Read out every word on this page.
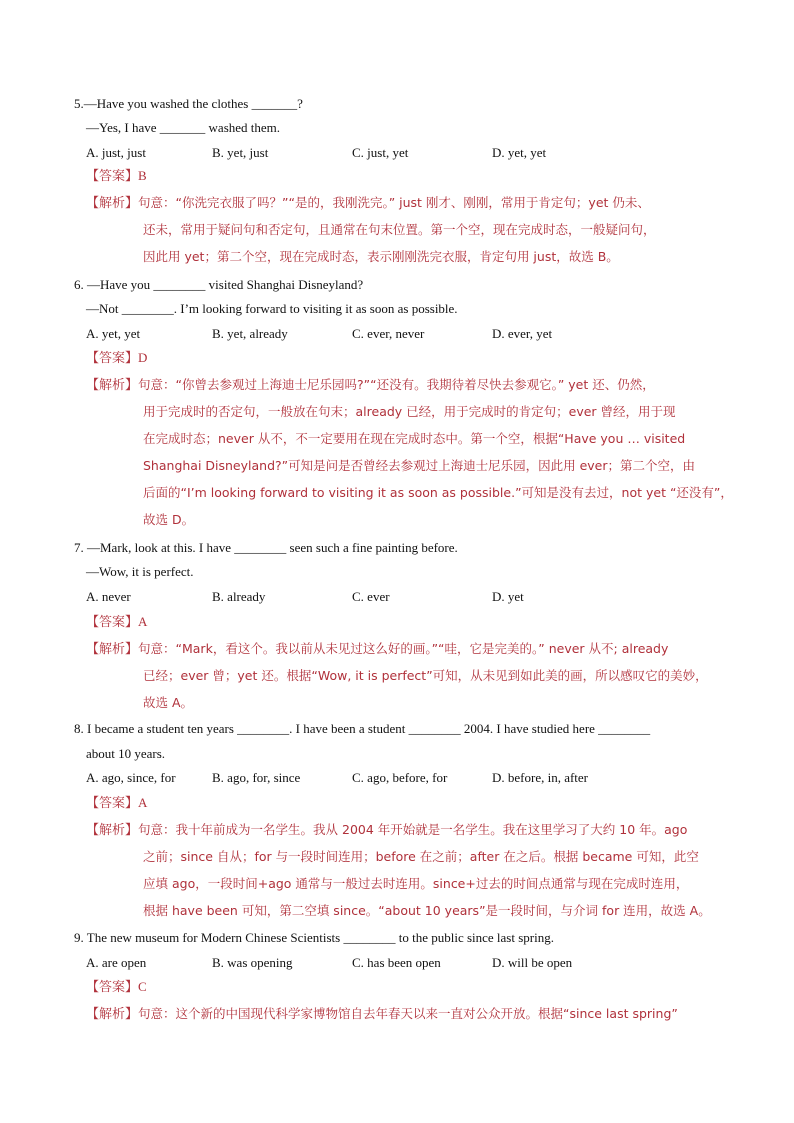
5.—Have you washed the clothes _______?
—Yes, I have _______ washed them.
A. just, just	B. yet, just	C. just, yet	D. yet, yet
【答案】B
【解析】句意：“你洗完衣服了吗？”“是的，我刚洗完。” just 刚才、刚刚，常用于肯定句；yet 仍未、
还未，常用于疑问句和否定句，且通常在句末位置。第一个空，现在完成时态，一般疑问句，
因此用 yet；第二个空，现在完成时态，表示刚刚洗完衣服，肯定句用 just，故选 B。
6. —Have you ________ visited Shanghai Disneyland?
—Not ________. I’m looking forward to visiting it as soon as possible.
A. yet, yet	B. yet, already	C. ever, never	D. ever, yet
【答案】D
【解析】句意：“你曾去参观过上海迪士尼乐园吗?”“还没有。我期待着尽快去参观它。” yet 还、仍然，
用于完成时的否定句，一般放在句末；already 已经，用于完成时的肯定句；ever 曾经，用于现
在完成时态；never 从不，不一定要用在现在完成时态中。第一个空，根据“Have you … visited
Shanghai Disneyland?”可知是问是否曾经去参观过上海迪士尼乐园，因此用 ever；第二个空，由
后面的“I’m looking forward to visiting it as soon as possible.”可知是没有去过，not yet “还没有”，
故选 D。
7. —Mark, look at this. I have ________ seen such a fine painting before.
—Wow, it is perfect.
A. never	B. already	C. ever	D. yet
【答案】A
【解析】句意：“Mark，看这个。我以前从未见过这么好的画。”“哇，它是完美的。” never 从不; already
已经；ever 曾；yet 还。根据“Wow, it is perfect”可知，从未见到如此美的画，所以感叹它的美妙，
故选 A。
8. I became a student ten years ________. I have been a student ________ 2004. I have studied here ________
about 10 years.
A. ago, since, for	B. ago, for, since	C. ago, before, for	D. before, in, after
【答案】A
【解析】句意：我十年前成为一名学生。我从 2004 年开始就是一名学生。我在这里学习了大约 10 年。ago
之前；since 自从；for 与一段时间连用；before 在之前；after 在之后。根据 became 可知，此空
应填 ago，一段时间+ago 通常与一般过去时连用。since+过去的时间点通常与现在完成时连用，
根据 have been 可知，第二空填 since。“about 10 years”是一段时间，与介词 for 连用，故选 A。
9. The new museum for Modern Chinese Scientists ________ to the public since last spring.
A. are open	B. was opening	C. has been open	D. will be open
【答案】C
【解析】句意：这个新的中国现代科学家博物馆自去年春天以来一直对公众开放。根据“since last spring”
